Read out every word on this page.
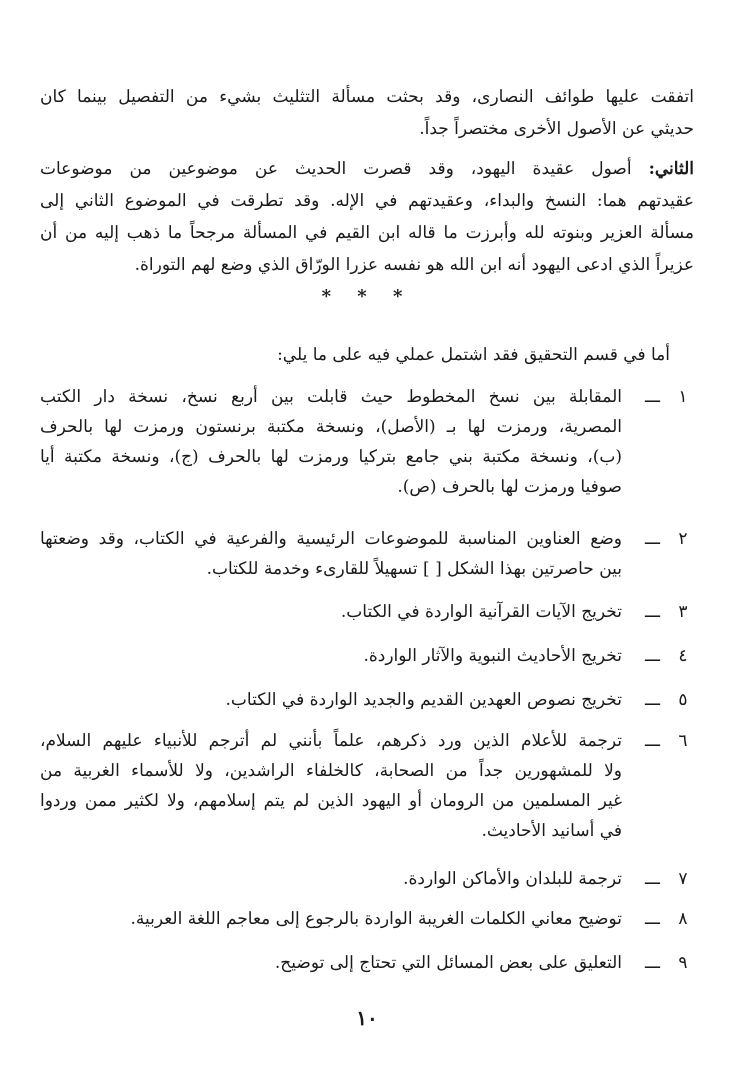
اتفقت عليها طوائف النصارى، وقد بحثت مسألة التثليث بشيء من التفصيل بينما كان
حديثي عن الأصول الأخرى مختصراً جداً.
الثاني: أصول عقيدة اليهود، وقد قصرت الحديث عن موضوعين من موضوعات
عقيدتهم هما: النسخ والبداء، وعقيدتهم في الإله. وقد تطرقت في الموضوع الثاني إلى
مسألة العزير وبنوته لله وأبرزت ما قاله ابن القيم في المسألة مرجحاً ما ذهب إليه من أن
عزيراً الذي ادعى اليهود أنه ابن الله هو نفسه عزرا الورّاق الذي وضع لهم التوراة.
* * *
أما في قسم التحقيق فقد اشتمل عملي فيه على ما يلي:
١
ـــ
المقابلة بين نسخ المخطوط حيث قابلت بين أربع نسخ، نسخة دار الكتب
المصرية، ورمزت لها بـ (الأصل)، ونسخة مكتبة برنستون ورمزت لها بالحرف
(ب)، ونسخة مكتبة بني جامع بتركيا ورمزت لها بالحرف (ج)، ونسخة مكتبة أيا
صوفيا ورمزت لها بالحرف (ص).
٢
ـــ
وضع العناوين المناسبة للموضوعات الرئيسية والفرعية في الكتاب، وقد وضعتها
بين حاصرتين بهذا الشكل [ ] تسهيلاً للقارىء وخدمة للكتاب.
٣
ـــ
تخريج الآيات القرآنية الواردة في الكتاب.
٤
ـــ
تخريج الأحاديث النبوية والآثار الواردة.
٥
ـــ
تخريج نصوص العهدين القديم والجديد الواردة في الكتاب.
٦
ـــ
ترجمة للأعلام الذين ورد ذكرهم، علماً بأنني لم أترجم للأنبياء عليهم السلام،
ولا للمشهورين جداً من الصحابة، كالخلفاء الراشدين، ولا للأسماء الغربية من
غير المسلمين من الرومان أو اليهود الذين لم يتم إسلامهم، ولا لكثير ممن وردوا
في أسانيد الأحاديث.
٧
ـــ
ترجمة للبلدان والأماكن الواردة.
٨
ـــ
توضيح معاني الكلمات الغريبة الواردة بالرجوع إلى معاجم اللغة العربية.
٩
ـــ
التعليق على بعض المسائل التي تحتاج إلى توضيح.
١٠
